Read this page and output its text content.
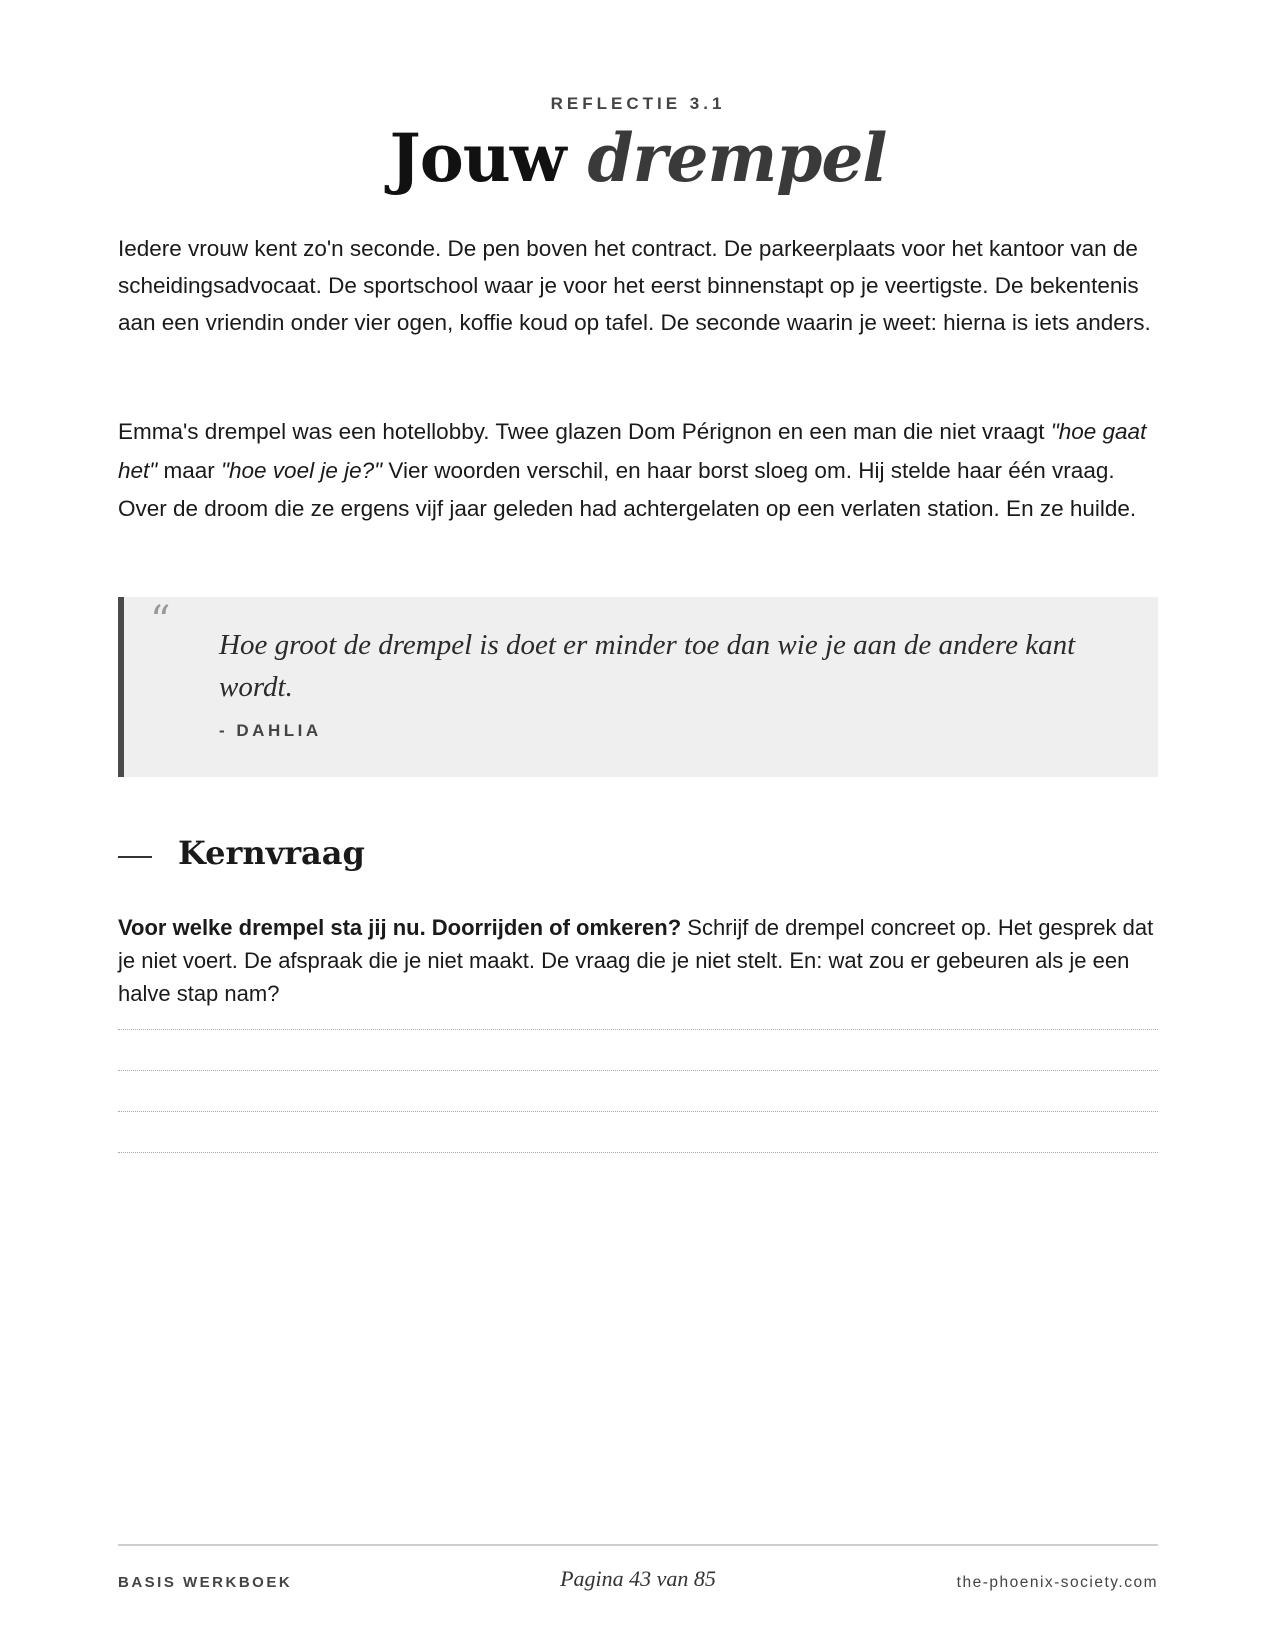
REFLECTIE 3.1
Jouw drempel

Iedere vrouw kent zo'n seconde. De pen boven het contract. De parkeerplaats voor het kantoor van de scheidingsadvocaat. De sportschool waar je voor het eerst binnenstapt op je veertigste. De bekentenis aan een vriendin onder vier ogen, koffie koud op tafel. De seconde waarin je weet: hierna is iets anders.

Emma's drempel was een hotellobby. Twee glazen Dom Pérignon en een man die niet vraagt "hoe gaat het" maar "hoe voel je je?" Vier woorden verschil, en haar borst sloeg om. Hij stelde haar één vraag. Over de droom die ze ergens vijf jaar geleden had achtergelaten op een verlaten station. En ze huilde.

“
Hoe groot de drempel is doet er minder toe dan wie je aan de andere kant wordt.
- DAHLIA
Kernvraag

Voor welke drempel sta jij nu. Doorrijden of omkeren? Schrijf de drempel concreet op. Het gesprek dat je niet voert. De afspraak die je niet maakt. De vraag die je niet stelt. En: wat zou er gebeuren als je een halve stap nam?

BASIS WERKBOEK	Pagina 43 van 85	the-phoenix-society.com
